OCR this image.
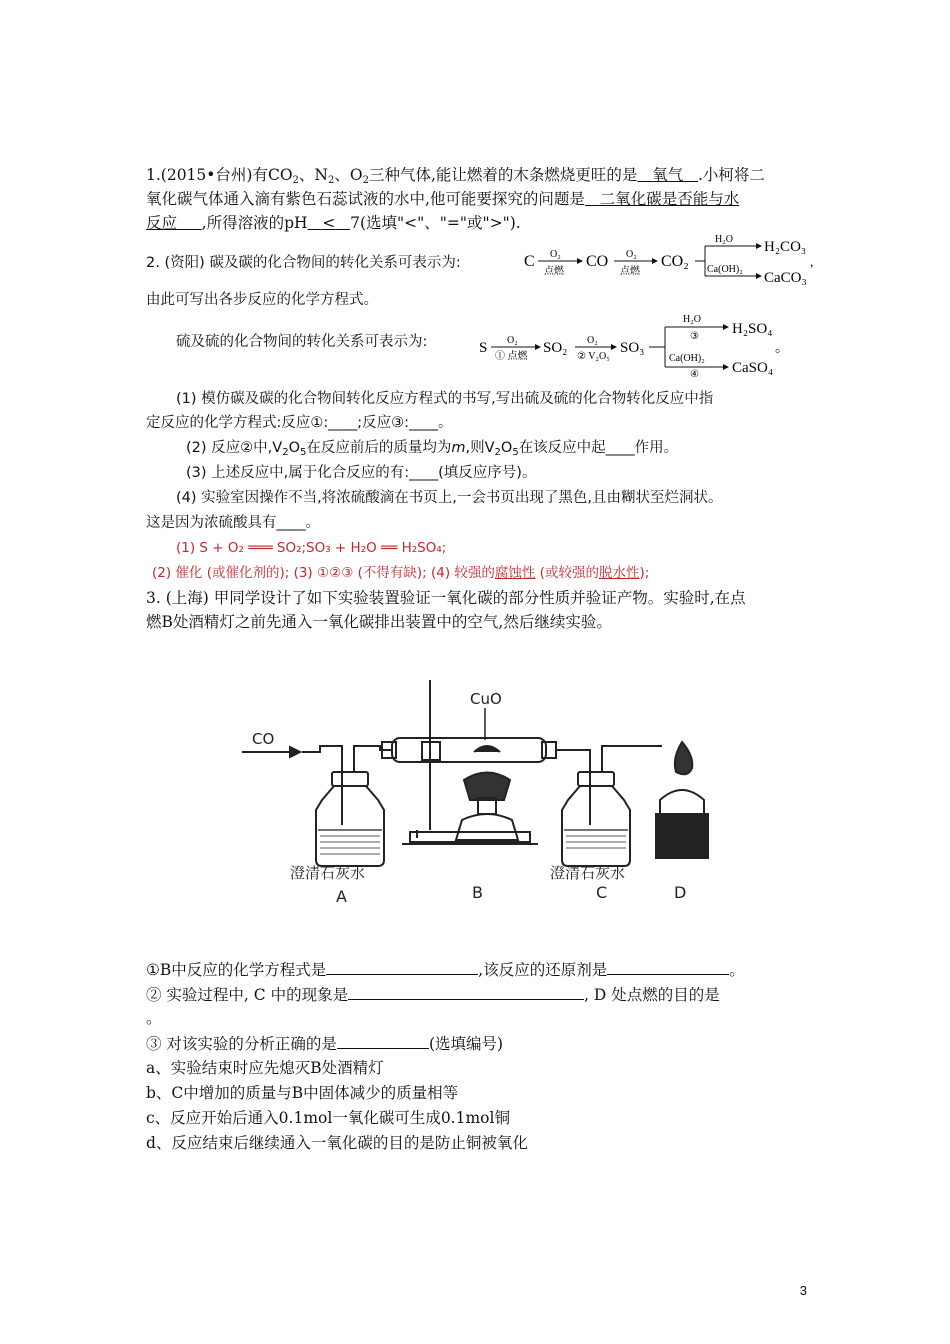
1.(2015•台州)有$CO_2$、$N_2$、$O_2$三种气体,能让燃着的木条燃烧更旺的是 氧气 .小柯将二
氧化碳气体通入滴有紫色石蕊试液的水中,他可能要探究的问题是 二氧化碳是否能与水
反应 ,所得溶液的pH < 7(选填"<"、"="或">").
2. (资阳) 碳及碳的化合物间的转化关系可表示为:	C O₂
点燃
CO O₂
点燃
CO₂
H₂O H₂CO₃
Ca(OH)₂
CaCO₃
,
由此可写出各步反应的化学方程式。
硫及硫的化合物间的转化关系可表示为:	S O₂
① 点燃
SO₂ O₂
② V₂O₅
SO₃
H₂O
③ H₂SO₄
Ca(OH)₂
④ CaSO₄
。
(1) 模仿碳及碳的化合物间转化反应方程式的书写,写出硫及硫的化合物转化反应中指
定反应的化学方程式:反应①:____;反应③:____。
(2) 反应②中$,V_2O_5$在反应前后的质量均为m,则$V_2O_5$在该反应中起____作用。
(3) 上述反应中,属于化合反应的有:____(填反应序号)。
(4) 实验室因操作不当,将浓硫酸滴在书页上,一会书页出现了黑色,且由糊状至烂洞状。
这是因为浓硫酸具有____。
(1) S + O₂ ═══ SO₂;SO₃ + H₂O ══ H₂SO₄;
(2) 催化 (或催化剂的); (3) ①②③ (不得有缺); (4) 较强的腐蚀性 (或较强的脱水性);
3. (上海) 甲同学设计了如下实验装置验证一氧化碳的部分性质并验证产物。实验时,在点
燃B处酒精灯之前先通入一氧化碳排出装置中的空气,然后继续实验。
CO
CuO
澄清石灰水	澄清石灰水
A	B	C	D
①B中反应的化学方程式是	,该反应的还原剂是	。
② 实验过程中, C 中的现象是	, D 处点燃的目的是
。
③ 对该实验的分析正确的是	(选填编号)
a、实验结束时应先熄灭B处酒精灯
b、C中增加的质量与B中固体减少的质量相等
c、反应开始后通入0.1mol一氧化碳可生成0.1mol铜
d、反应结束后继续通入一氧化碳的目的是防止铜被氧化
3
